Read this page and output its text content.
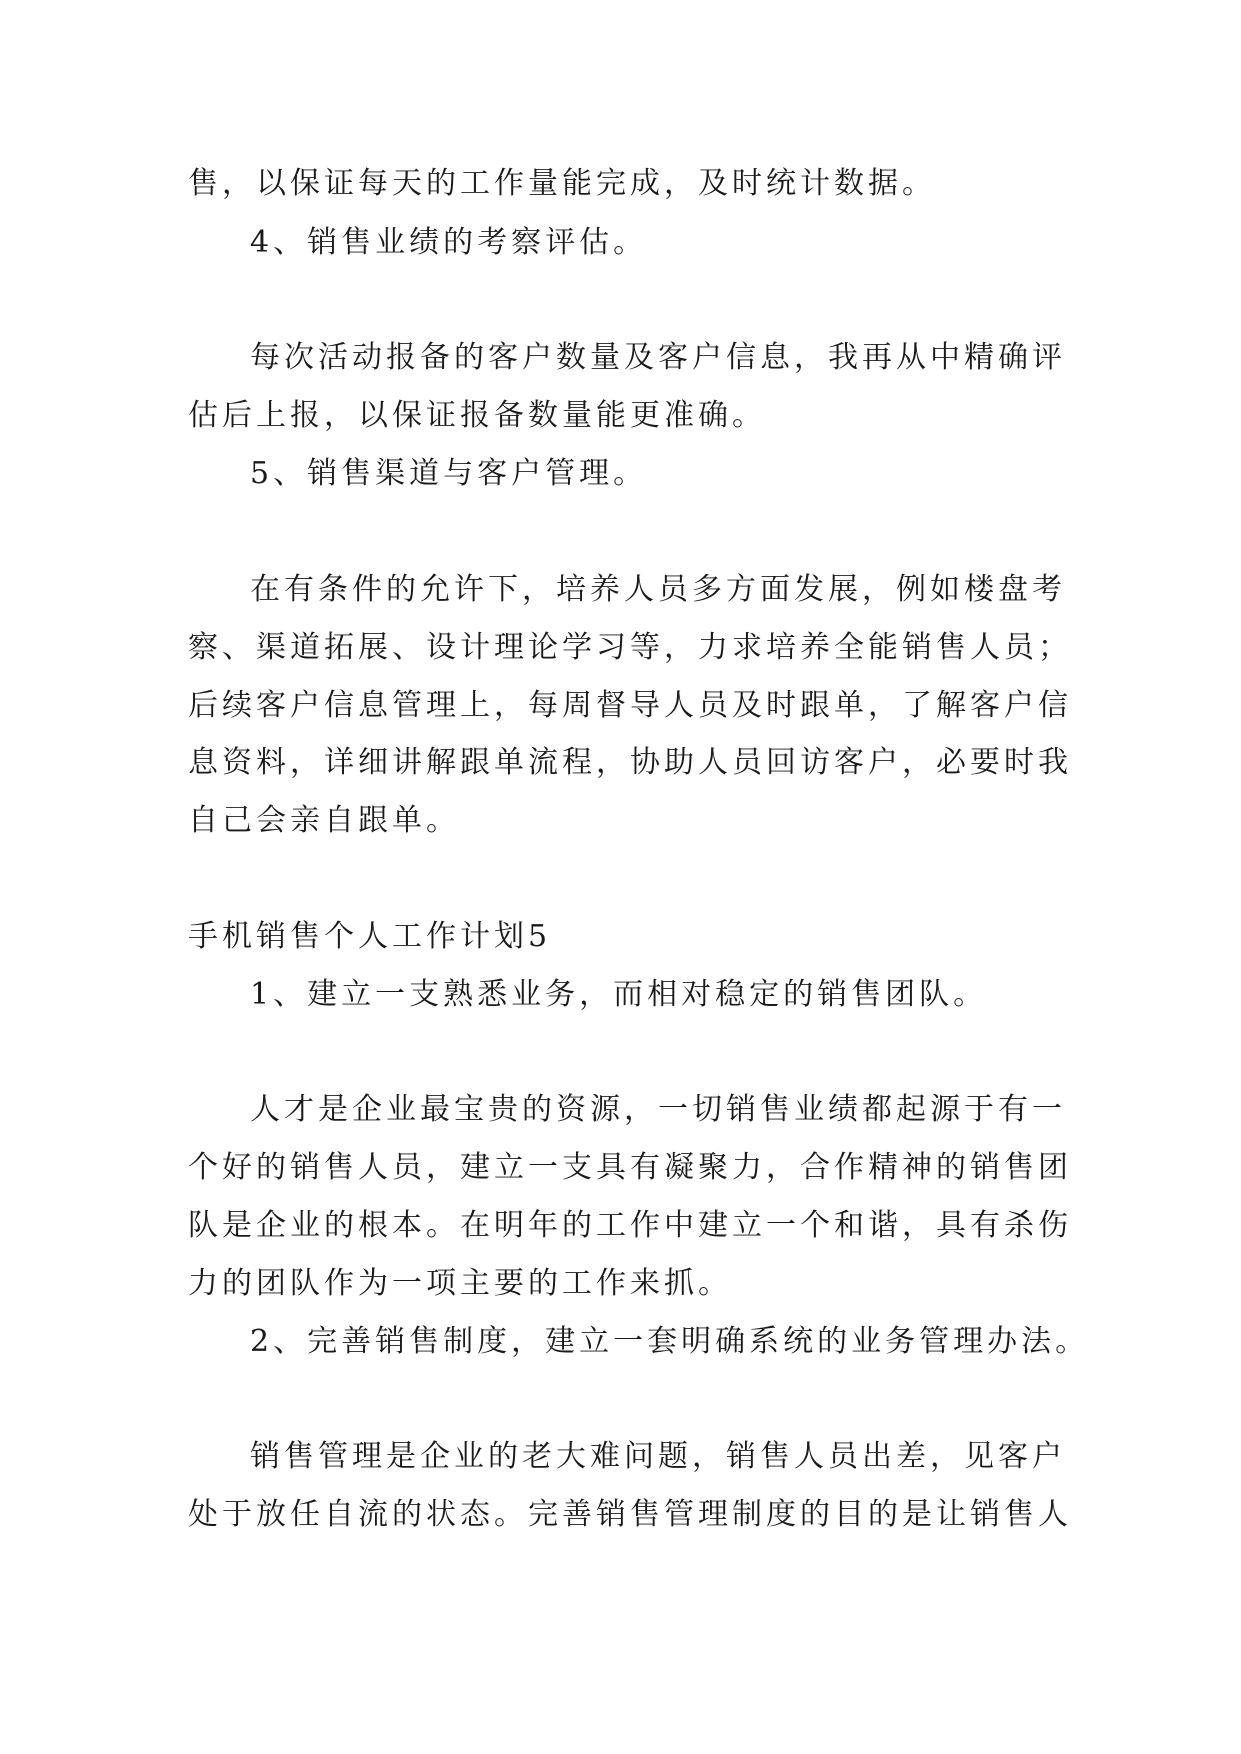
售，以保证每天的工作量能完成，及时统计数据。
4、销售业绩的考察评估。
每次活动报备的客户数量及客户信息，我再从中精确评
估后上报，以保证报备数量能更准确。
5、销售渠道与客户管理。
在有条件的允许下，培养人员多方面发展，例如楼盘考
察、渠道拓展、设计理论学习等，力求培养全能销售人员；
后续客户信息管理上，每周督导人员及时跟单，了解客户信
息资料，详细讲解跟单流程，协助人员回访客户，必要时我
自己会亲自跟单。
手机销售个人工作计划5
1、建立一支熟悉业务，而相对稳定的销售团队。
人才是企业最宝贵的资源，一切销售业绩都起源于有一
个好的销售人员，建立一支具有凝聚力，合作精神的销售团
队是企业的根本。在明年的工作中建立一个和谐，具有杀伤
力的团队作为一项主要的工作来抓。
2、完善销售制度，建立一套明确系统的业务管理办法。
销售管理是企业的老大难问题，销售人员出差，见客户
处于放任自流的状态。完善销售管理制度的目的是让销售人
